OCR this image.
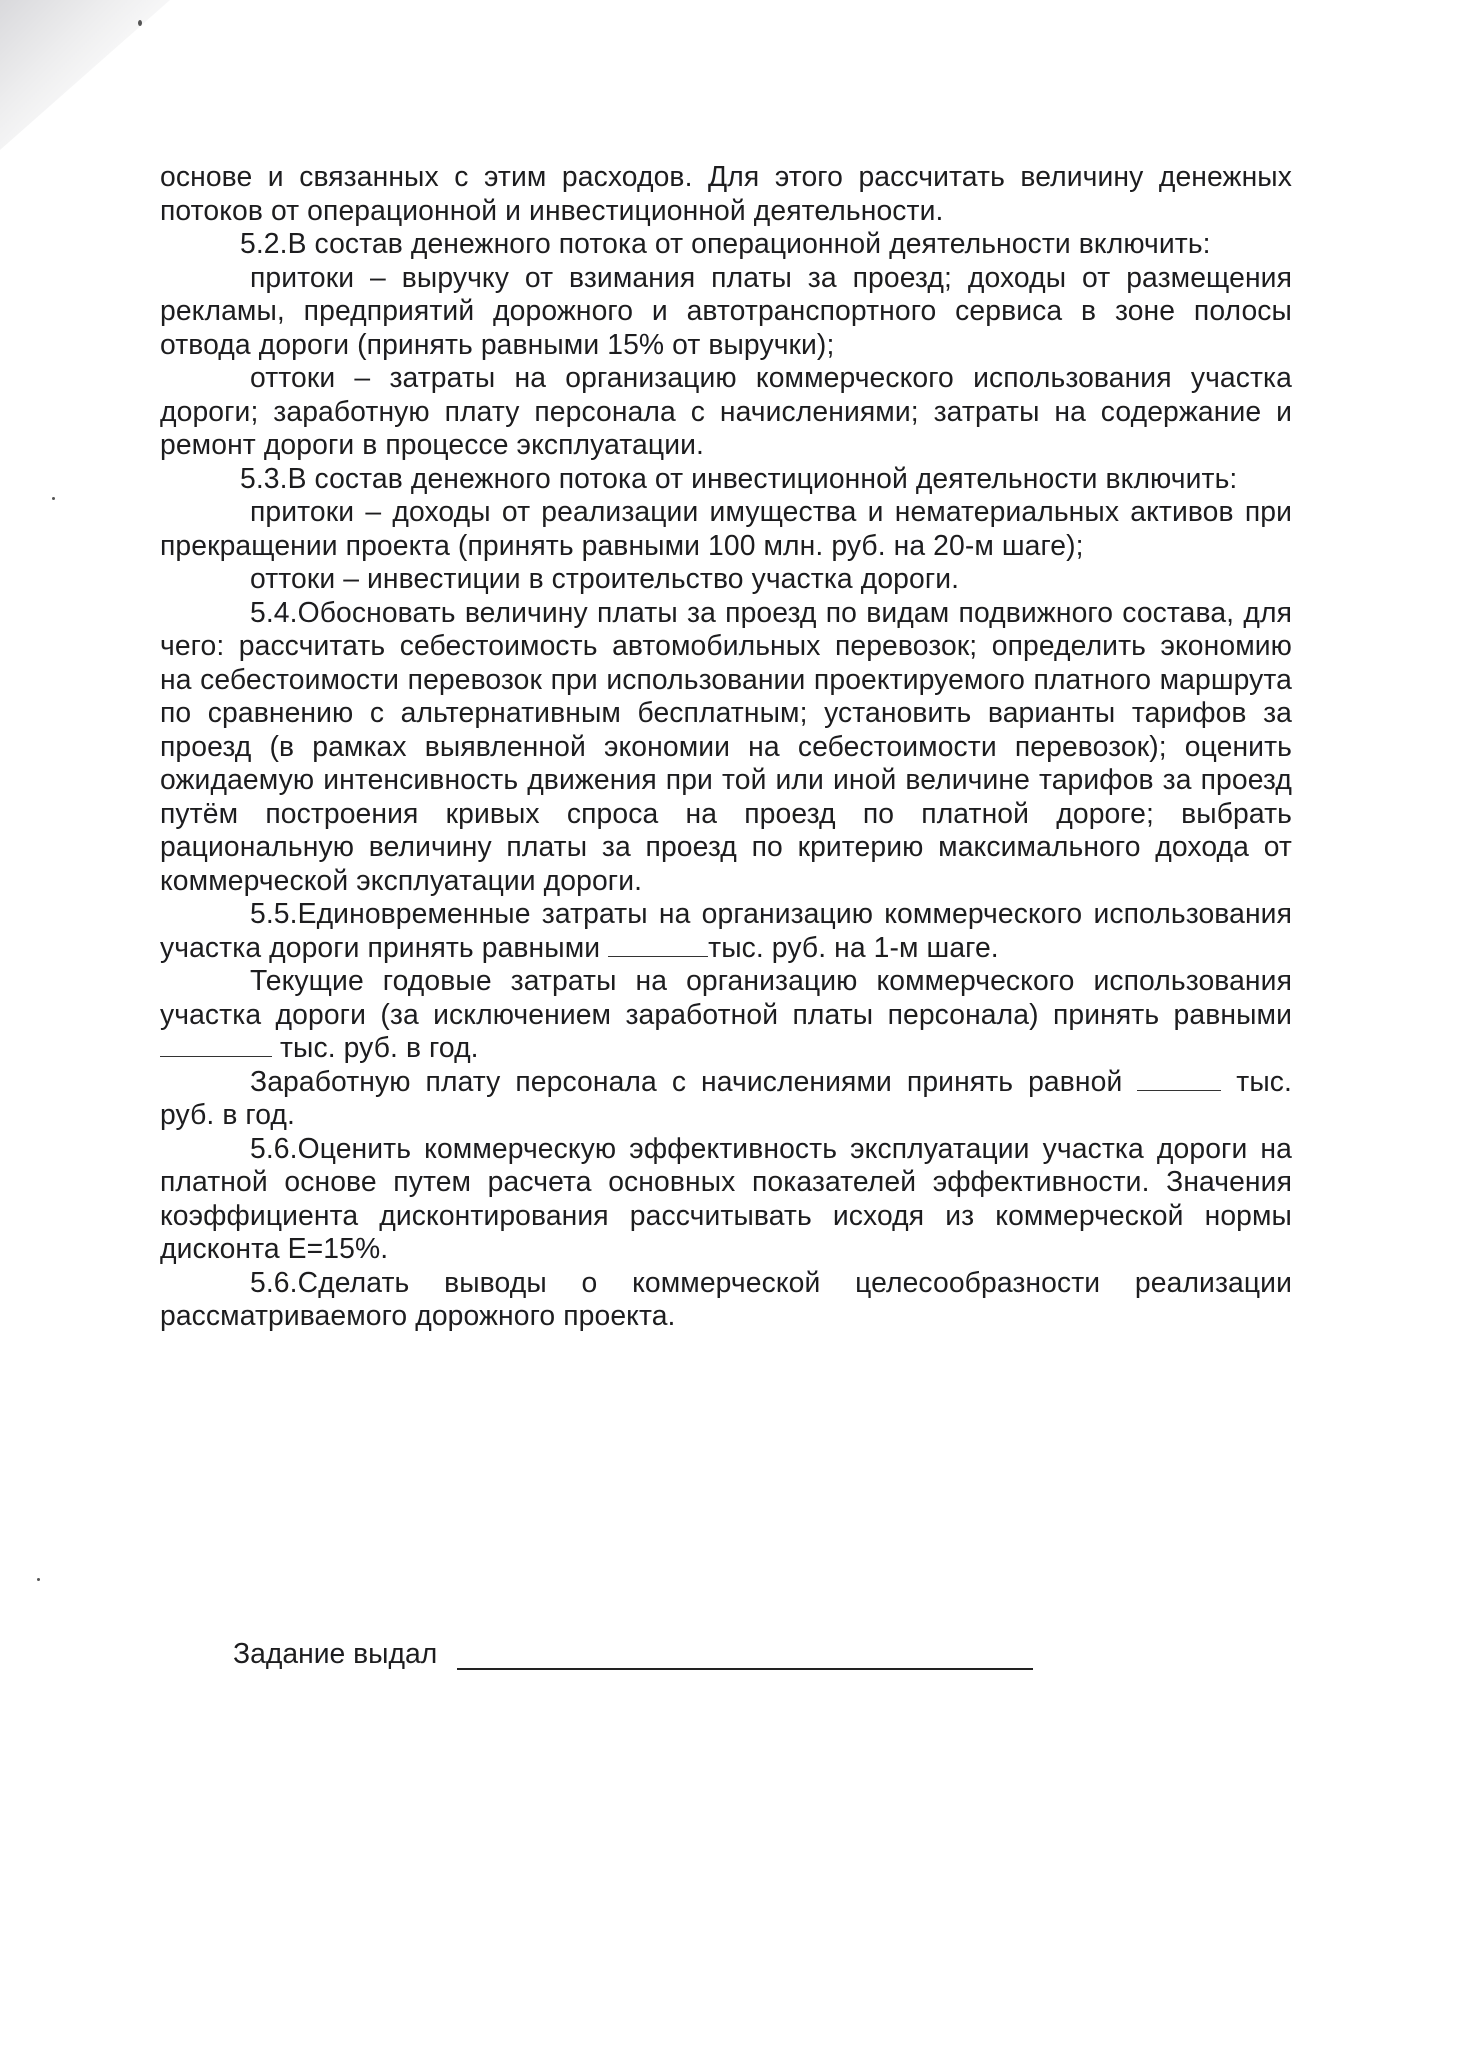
основе и связанных с этим расходов. Для этого рассчитать величину денежных потоков от операционной и инвестиционной деятельности.

5.2.В состав денежного потока от операционной деятельности включить:

притоки – выручку от взимания платы за проезд; доходы от размещения рекламы, предприятий дорожного и автотранспортного сервиса в зоне полосы отвода дороги (принять равными 15% от выручки);

оттоки – затраты на организацию коммерческого использования участка дороги; заработную плату персонала с начислениями; затраты на содержание и ремонт дороги в процессе эксплуатации.

5.3.В состав денежного потока от инвестиционной деятельности включить:

притоки – доходы от реализации имущества и нематериальных активов при прекращении проекта (принять равными 100 млн. руб. на 20-м шаге);

оттоки – инвестиции в строительство участка дороги.

5.4.Обосновать величину платы за проезд по видам подвижного состава, для чего: рассчитать себестоимость автомобильных перевозок; определить экономию на себестоимости перевозок при использовании проектируемого платного маршрута по сравнению с альтернативным бесплатным; установить варианты тарифов за проезд (в рамках выявленной экономии на себестоимости перевозок); оценить ожидаемую интенсивность движения при той или иной величине тарифов за проезд путём построения кривых спроса на проезд по платной дороге; выбрать рациональную величину платы за проезд по критерию максимального дохода от коммерческой эксплуатации дороги.

5.5.Единовременные затраты на организацию коммерческого использования участка дороги принять равными	тыс. руб. на 1-м шаге.

Текущие годовые затраты на организацию коммерческого использования участка дороги (за исключением заработной платы персонала) принять равными  тыс. руб. в год.

Заработную плату персонала с начислениями принять равной	тыс. руб. в год.

5.6.Оценить коммерческую эффективность эксплуатации участка дороги на платной основе путем расчета основных показателей эффективности. Значения коэффициента дисконтирования рассчитывать исходя из коммерческой нормы дисконта Е=15%.

5.6.Сделать выводы о коммерческой целесообразности реализации рассматриваемого дорожного проекта.

Задание выдал
